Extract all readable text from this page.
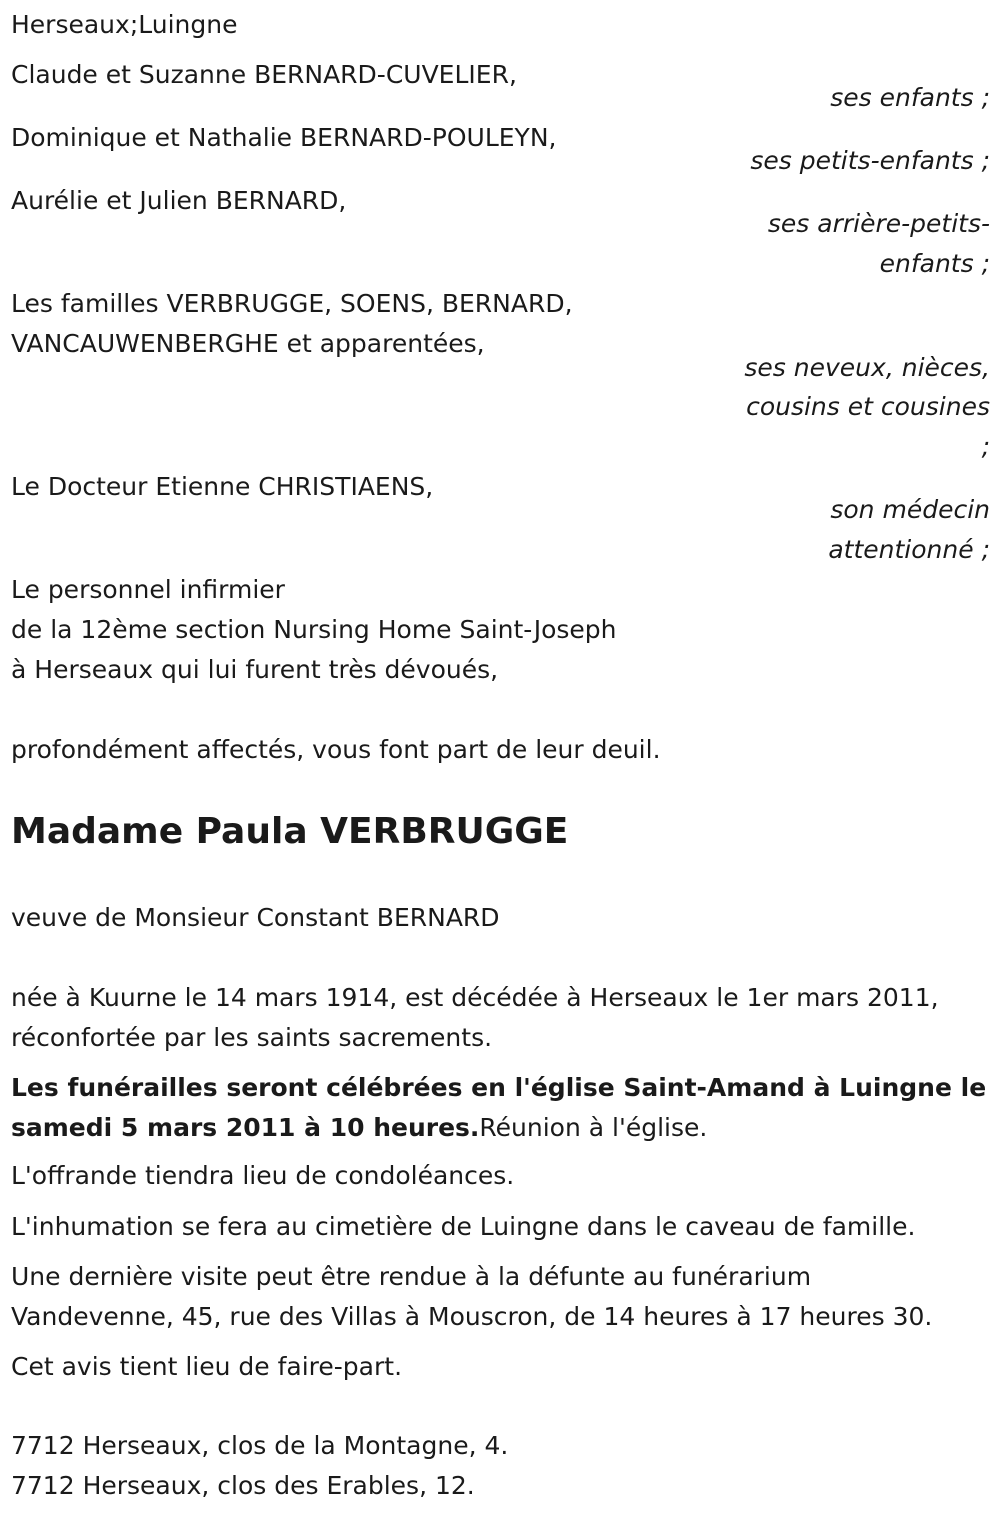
Herseaux;Luingne
Claude et Suzanne BERNARD-CUVELIER,
ses enfants ;
Dominique et Nathalie BERNARD-POULEYN,
ses petits-enfants ;
Aurélie et Julien BERNARD,
ses arrière-petits-
enfants ;
Les familles VERBRUGGE, SOENS, BERNARD,
VANCAUWENBERGHE et apparentées,
ses neveux, nièces,
cousins et cousines
;
Le Docteur Etienne CHRISTIAENS,
son médecin
attentionné ;
Le personnel infirmier
de la 12ème section Nursing Home Saint-Joseph
à Herseaux qui lui furent très dévoués,
profondément affectés, vous font part de leur deuil.
Madame Paula VERBRUGGE
veuve de Monsieur Constant BERNARD
née à Kuurne le 14 mars 1914, est décédée à Herseaux le 1er mars 2011,
réconfortée par les saints sacrements.
Les funérailles seront célébrées en l'église Saint-Amand à Luingne le
samedi 5 mars 2011 à 10 heures.Réunion à l'église.
L'offrande tiendra lieu de condoléances.
L'inhumation se fera au cimetière de Luingne dans le caveau de famille.
Une dernière visite peut être rendue à la défunte au funérarium
Vandevenne, 45, rue des Villas à Mouscron, de 14 heures à 17 heures 30.
Cet avis tient lieu de faire-part.
7712 Herseaux, clos de la Montagne, 4.
7712 Herseaux, clos des Erables, 12.
